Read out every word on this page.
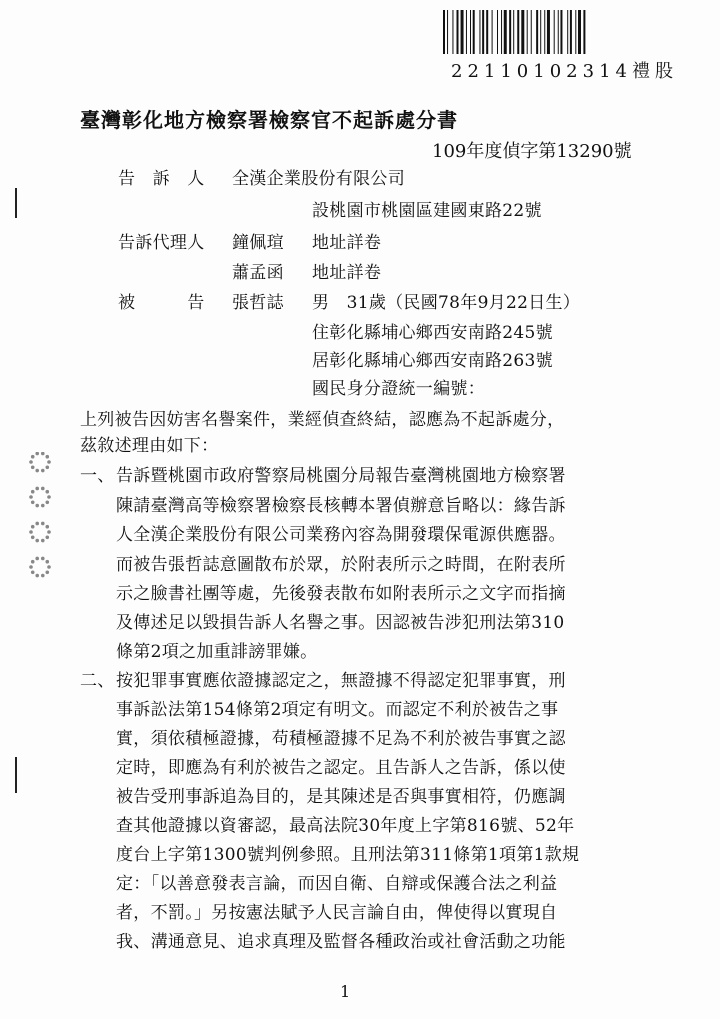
22110102314禮股
臺灣彰化地方檢察署檢察官不起訴處分書
109年度偵字第13290號
告　訴　人 全漢企業股份有限公司
設桃園市桃園區建國東路22號
告訴代理人 鐘佩瑄 地址詳卷
蕭孟函 地址詳卷
被　　　告 張哲誌 男　31歲（民國78年9月22日生）
住彰化縣埔心鄉西安南路245號
居彰化縣埔心鄉西安南路263號
國民身分證統一編號：
上列被告因妨害名譽案件，業經偵查終結，認應為不起訴處分，
茲敘述理由如下：
一、 告訴暨桃園市政府警察局桃園分局報告臺灣桃園地方檢察署
陳請臺灣高等檢察署檢察長核轉本署偵辦意旨略以：緣告訴
人全漢企業股份有限公司業務內容為開發環保電源供應器。
而被告張哲誌意圖散布於眾，於附表所示之時間，在附表所
示之臉書社團等處，先後發表散布如附表所示之文字而指摘
及傳述足以毀損告訴人名譽之事。因認被告涉犯刑法第310
條第2項之加重誹謗罪嫌。
二、 按犯罪事實應依證據認定之，無證據不得認定犯罪事實，刑
事訴訟法第154條第2項定有明文。而認定不利於被告之事
實，須依積極證據，苟積極證據不足為不利於被告事實之認
定時，即應為有利於被告之認定。且告訴人之告訴，係以使
被告受刑事訴追為目的，是其陳述是否與事實相符，仍應調
查其他證據以資審認，最高法院30年度上字第816號、52年
度台上字第1300號判例參照。且刑法第311條第1項第1款規
定：「以善意發表言論，而因自衛、自辯或保護合法之利益
者，不罰。」另按憲法賦予人民言論自由，俾使得以實現自
我、溝通意見、追求真理及監督各種政治或社會活動之功能
1
